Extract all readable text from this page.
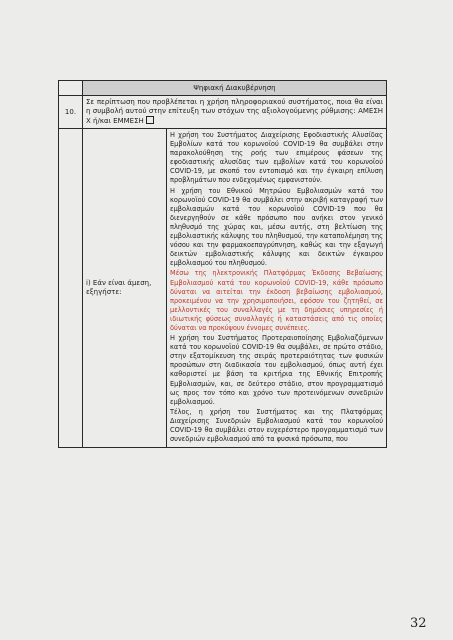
	Ψηφιακή Διακυβέρνηση	
10.	Σε περίπτωση που προβλέπεται η χρήση πληροφοριακού συστήματος, ποια θα είναι η συμβολή αυτού στην επίτευξη των στόχων της αξιολογούμενης ρύθμισης: ΑΜΕΣΗ Χ ή/και ΕΜΜΕΣΗ	
	i) Εάν είναι άμεση, εξηγήστε:	Η χρήση του Συστήματος Διαχείρισης Εφοδιαστικής Αλυσίδας Εμβολίων κατά του κορωνοϊού COVID-19 θα συμβάλει στην παρακολούθηση της ροής των επιμέρους φάσεων της εφοδιαστικής αλυσίδας των εμβολίων κατά του κορωνοϊού COVID-19, με σκοπό τον εντοπισμό και την έγκαιρη επίλυση προβλημάτων που ενδεχομένως εμφανιστούν.

Η χρήση του Εθνικού Μητρώου Εμβολιασμών κατά του κορωνοϊού COVID-19 θα συμβάλει στην ακριβή καταγραφή των εμβολιασμών κατά του κορωνοϊού COVID-19 που θα διενεργηθούν σε κάθε πρόσωπο που ανήκει στον γενικό πληθυσμό της χώρας και, μέσω αυτής, στη βελτίωση της εμβολιαστικής κάλυψης του πληθυσμού, την καταπολέμηση της νόσου και την φαρμακοεπαγρύπνηση, καθώς και την εξαγωγή δεικτών εμβολιαστικής κάλυψης και δεικτών έγκαιρου εμβολιασμού του πληθυσμού.

Μέσω της ηλεκτρονικής Πλατφόρμας Έκδοσης Βεβαίωσης Εμβολιασμού κατά του κορωνοϊού COVID-19, κάθε πρόσωπο δύναται να αιτείται την έκδοση βεβαίωσης εμβολιασμού, προκειμένου να την χρησιμοποιήσει, εφόσον του ζητηθεί, σε μελλοντικές του συναλλαγές με τη δημόσιες υπηρεσίες ή ιδιωτικής φύσεως συναλλαγές ή καταστάσεις από τις οποίες δύναται να προκύψουν έννομες συνέπειες.

Η χρήση του Συστήματος Προτεραιοποίησης Εμβολιαζόμενων κατά του κορωνοϊού COVID-19 θα συμβάλει, σε πρώτο στάδιο, στην εξατομίκευση της σειράς προτεραιότητας των φυσικών προσώπων στη διαδικασία του εμβολιασμού, όπως αυτή έχει καθοριστεί με βάση τα κριτήρια της Εθνικής Επιτροπής Εμβολιασμών, και, σε δεύτερο στάδιο, στον προγραμματισμό ως προς τον τόπο και χρόνο των προτεινόμενων συνεδριών εμβολιασμού.

Τέλος, η χρήση του Συστήματος και της Πλατφόρμας Διαχείρισης Συνεδριών Εμβολιασμού κατά του κορωνοϊού COVID-19 θα συμβάλει στον ευχερέστερο προγραμματισμό των συνεδριών εμβολιασμού από τα φυσικά πρόσωπα, που

32
